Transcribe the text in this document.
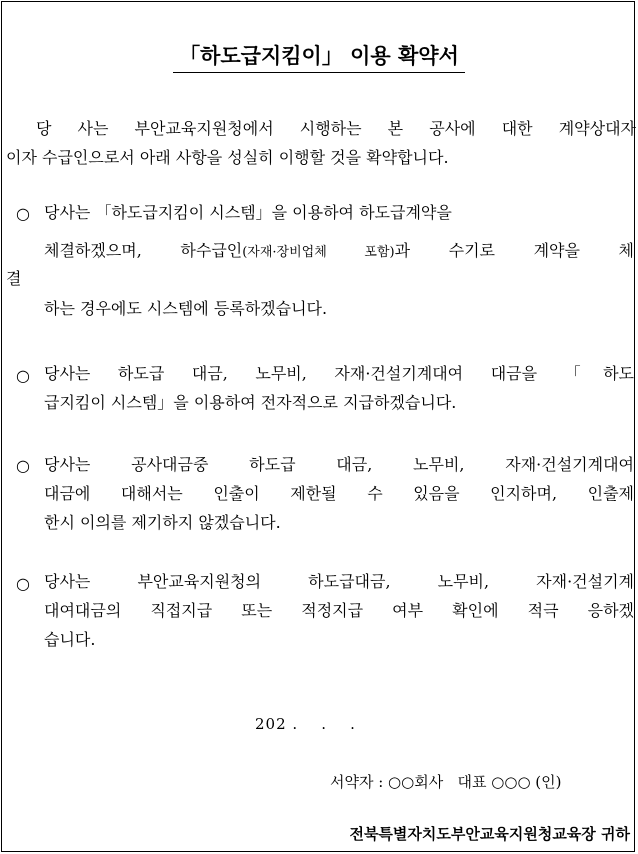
「하도급지킴이」 이용 확약서
당 사는 부안교육지원청에서 시행하는 본 공사에 대한 계약상대자
이자 수급인으로서 아래 사항을 성실히 이행할 것을 확약합니다.
○ 당사는 「하도급지킴이 시스템」을 이용하여 하도급계약을
체결하겠으며, 하수급인(자재·장비업체 포함)과 수기로 계약을 체
결
하는 경우에도 시스템에 등록하겠습니다.
○ 당사는 하도급 대금, 노무비, 자재·건설기계대여 대금을 「하도
급지킴이 시스템」을 이용하여 전자적으로 지급하겠습니다.
○ 당사는 공사대금중 하도급 대금, 노무비, 자재·건설기계대여
대금에 대해서는 인출이 제한될 수 있음을 인지하며, 인출제
한시 이의를 제기하지 않겠습니다.
○ 당사는 부안교육지원청의 하도급대금, 노무비, 자재·건설기계
대여대금의 직접지급 또는 적정지급 여부 확인에 적극 응하겠
습니다.
202 .    .    .
서약자 : ○○회사   대표 ○○○ (인)
전북특별자치도부안교육지원청교육장 귀하
